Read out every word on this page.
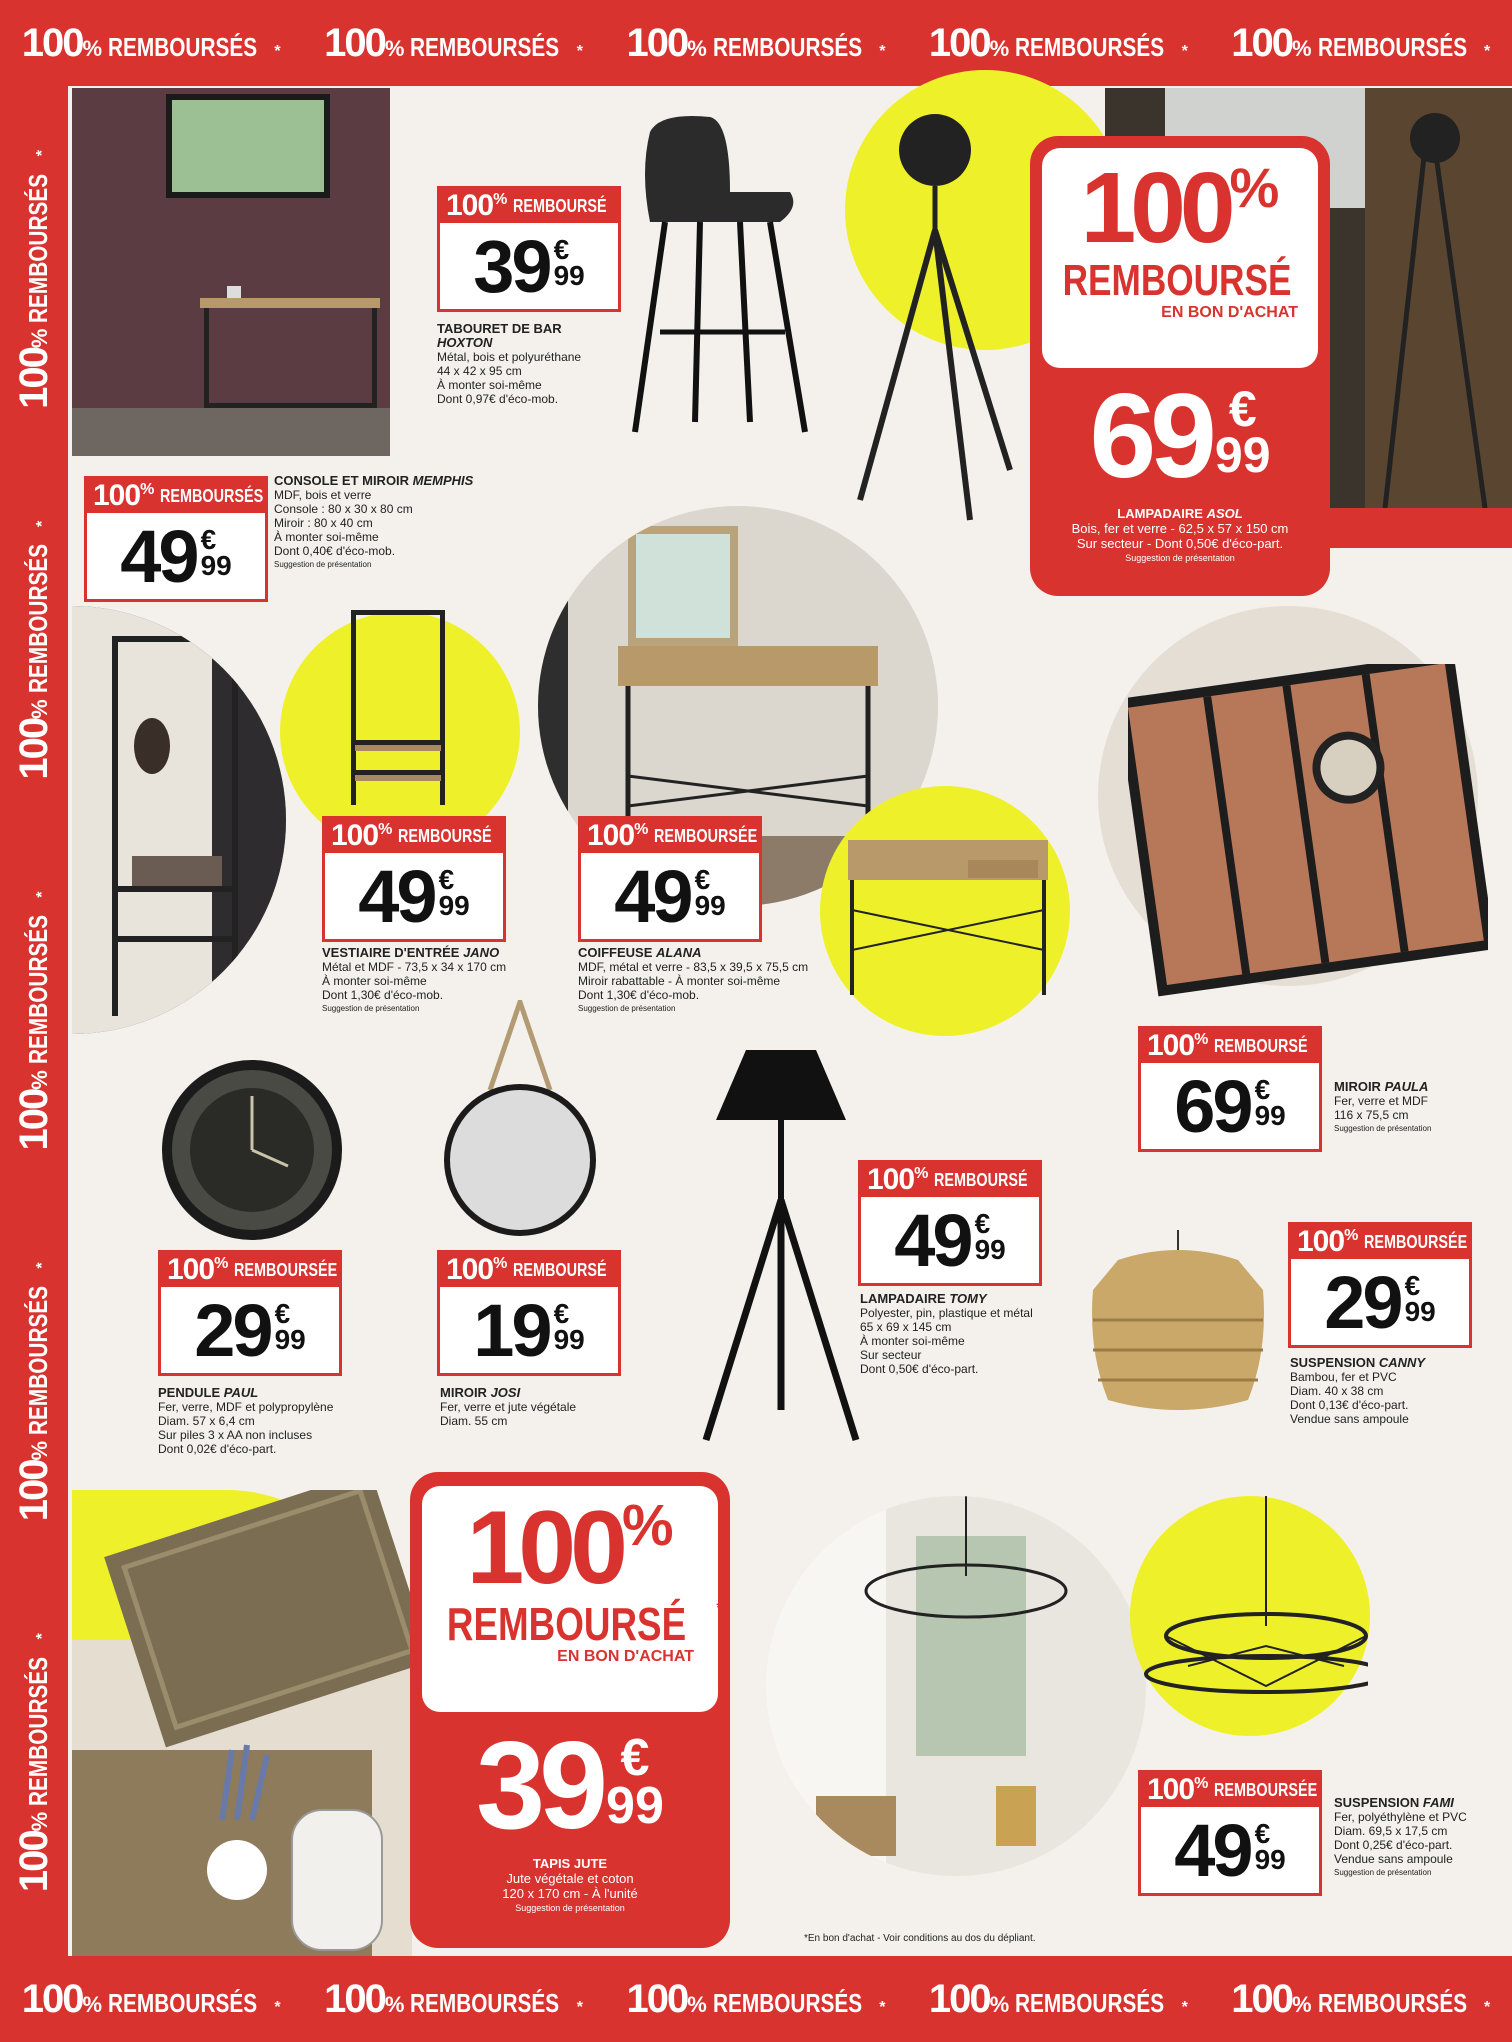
100 % REMBOURSÉS * 100 % REMBOURSÉS * 100 % REMBOURSÉS * 100 % REMBOURSÉS * 100 % REMBOURSÉS *
100 % REMBOURSÉS * 100 % REMBOURSÉS * 100 % REMBOURSÉS * 100 % REMBOURSÉS * 100 % REMBOURSÉS *
100
%
REMBOURSÉS
*
100
%
REMBOURSÉS
*
100
%
REMBOURSÉS
*
100
%
REMBOURSÉS
*
100
%
REMBOURSÉS
*
100 % REMBOURSÉS
49 €
99
CONSOLE ET MIROIR MEMPHIS
MDF, bois et verre
Console : 80 x 30 x 80 cm
Miroir : 80 x 40 cm
À monter soi-même
Dont 0,40€ d'éco-mob.
Suggestion de présentation
100 % REMBOURSÉ
39 €
99
TABOURET DE BAR
HOXTON
Métal, bois et polyuréthane
44 x 42 x 95 cm
À monter soi-même
Dont 0,97€ d'éco-mob.
100 %
REMBOURSÉ *
EN BON D'ACHAT
69 €
99
LAMPADAIRE ASOL
Bois, fer et verre - 62,5 x 57 x 150 cm
Sur secteur - Dont 0,50€ d'éco-part.
Suggestion de présentation
100 % REMBOURSÉ
49 €
99
VESTIAIRE D'ENTRÉE JANO
Métal et MDF - 73,5 x 34 x 170 cm
À monter soi-même
Dont 1,30€ d'éco-mob.
Suggestion de présentation
100 % REMBOURSÉE
49 €
99
COIFFEUSE ALANA
MDF, métal et verre - 83,5 x 39,5 x 75,5 cm
Miroir rabattable - À monter soi-même
Dont 1,30€ d'éco-mob.
Suggestion de présentation
100 % REMBOURSÉ
69 €
99
MIROIR PAULA
Fer, verre et MDF
116 x 75,5 cm
Suggestion de présentation
100 % REMBOURSÉE
29 €
99
PENDULE PAUL
Fer, verre, MDF et polypropylène
Diam. 57 x 6,4 cm
Sur piles 3 x AA non incluses
Dont 0,02€ d'éco-part.
100 % REMBOURSÉ
19 €
99
MIROIR JOSI
Fer, verre et jute végétale
Diam. 55 cm
100 % REMBOURSÉ
49 €
99
LAMPADAIRE TOMY
Polyester, pin, plastique et métal
65 x 69 x 145 cm
À monter soi-même
Sur secteur
Dont 0,50€ d'éco-part.
100 % REMBOURSÉE
29 €
99
SUSPENSION CANNY
Bambou, fer et PVC
Diam. 40 x 38 cm
Dont 0,13€ d'éco-part.
Vendue sans ampoule
100 %
REMBOURSÉ *
EN BON D'ACHAT
39 €
99
TAPIS JUTE
Jute végétale et coton
120 x 170 cm - À l'unité
Suggestion de présentation
100 % REMBOURSÉE
49 €
99
SUSPENSION FAMI
Fer, polyéthylène et PVC
Diam. 69,5 x 17,5 cm
Dont 0,25€ d'éco-part.
Vendue sans ampoule
Suggestion de présentation
*En bon d'achat - Voir conditions au dos du dépliant.
